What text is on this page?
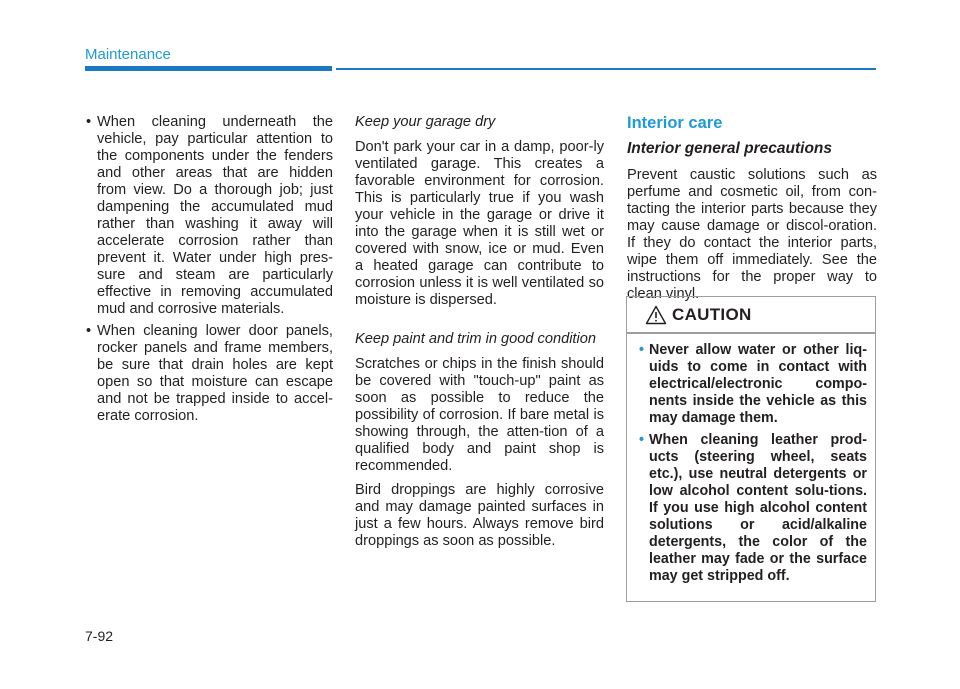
Maintenance
• When cleaning underneath the vehicle, pay particular attention to the components under the fenders and other areas that are hidden from view. Do a thorough job; just dampening the accumulated mud rather than washing it away will accelerate corrosion rather than prevent it. Water under high pres-sure and steam are particularly effective in removing accumulated mud and corrosive materials.
• When cleaning lower door panels, rocker panels and frame members, be sure that drain holes are kept open so that moisture can escape and not be trapped inside to accel-erate corrosion.
Keep your garage dry

Don't park your car in a damp, poor-ly ventilated garage. This creates a favorable environment for corrosion. This is particularly true if you wash your vehicle in the garage or drive it into the garage when it is still wet or covered with snow, ice or mud. Even a heated garage can contribute to corrosion unless it is well ventilated so moisture is dispersed.

Keep paint and trim in good condition

Scratches or chips in the finish should be covered with "touch-up" paint as soon as possible to reduce the possibility of corrosion. If bare metal is showing through, the atten-tion of a qualified body and paint shop is recommended.

Bird droppings are highly corrosive and may damage painted surfaces in just a few hours. Always remove bird droppings as soon as possible.

Interior care
Interior general precautions

Prevent caustic solutions such as perfume and cosmetic oil, from con-tacting the interior parts because they may cause damage or discol-oration. If they do contact the interior parts, wipe them off immediately. See the instructions for the proper way to clean vinyl.

CAUTION
• Never allow water or other liq-uids to come in contact with electrical/electronic compo-nents inside the vehicle as this may damage them.
• When cleaning leather prod-ucts (steering wheel, seats etc.), use neutral detergents or low alcohol content solu-tions. If you use high alcohol content solutions or acid/alkaline detergents, the color of the leather may fade or the surface may get stripped off.
7-92
